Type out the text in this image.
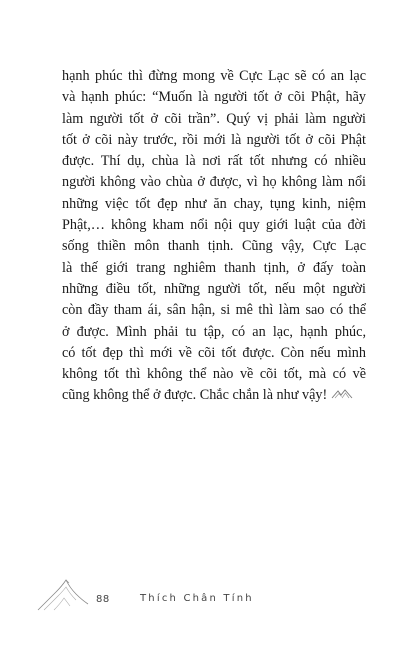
hạnh phúc thì đừng mong về Cực Lạc sẽ có an lạc
và hạnh phúc: “Muốn là người tốt ở cõi Phật, hãy
làm người tốt ở cõi trần”. Quý vị phải làm người
tốt ở cõi này trước, rồi mới là người tốt ở cõi Phật
được. Thí dụ, chùa là nơi rất tốt nhưng có nhiều
người không vào chùa ở được, vì họ không làm nổi
những việc tốt đẹp như ăn chay, tụng kinh, niệm
Phật,… không kham nổi nội quy giới luật của đời
sống thiền môn thanh tịnh. Cũng vậy, Cực Lạc
là thế giới trang nghiêm thanh tịnh, ở đấy toàn
những điều tốt, những người tốt, nếu một người
còn đầy tham ái, sân hận, si mê thì làm sao có thể
ở được. Mình phải tu tập, có an lạc, hạnh phúc,
có tốt đẹp thì mới về cõi tốt được. Còn nếu mình
không tốt thì không thể nào về cõi tốt, mà có về
cũng không thể ở được. Chắc chắn là như vậy!
88	Thích Chân Tính
